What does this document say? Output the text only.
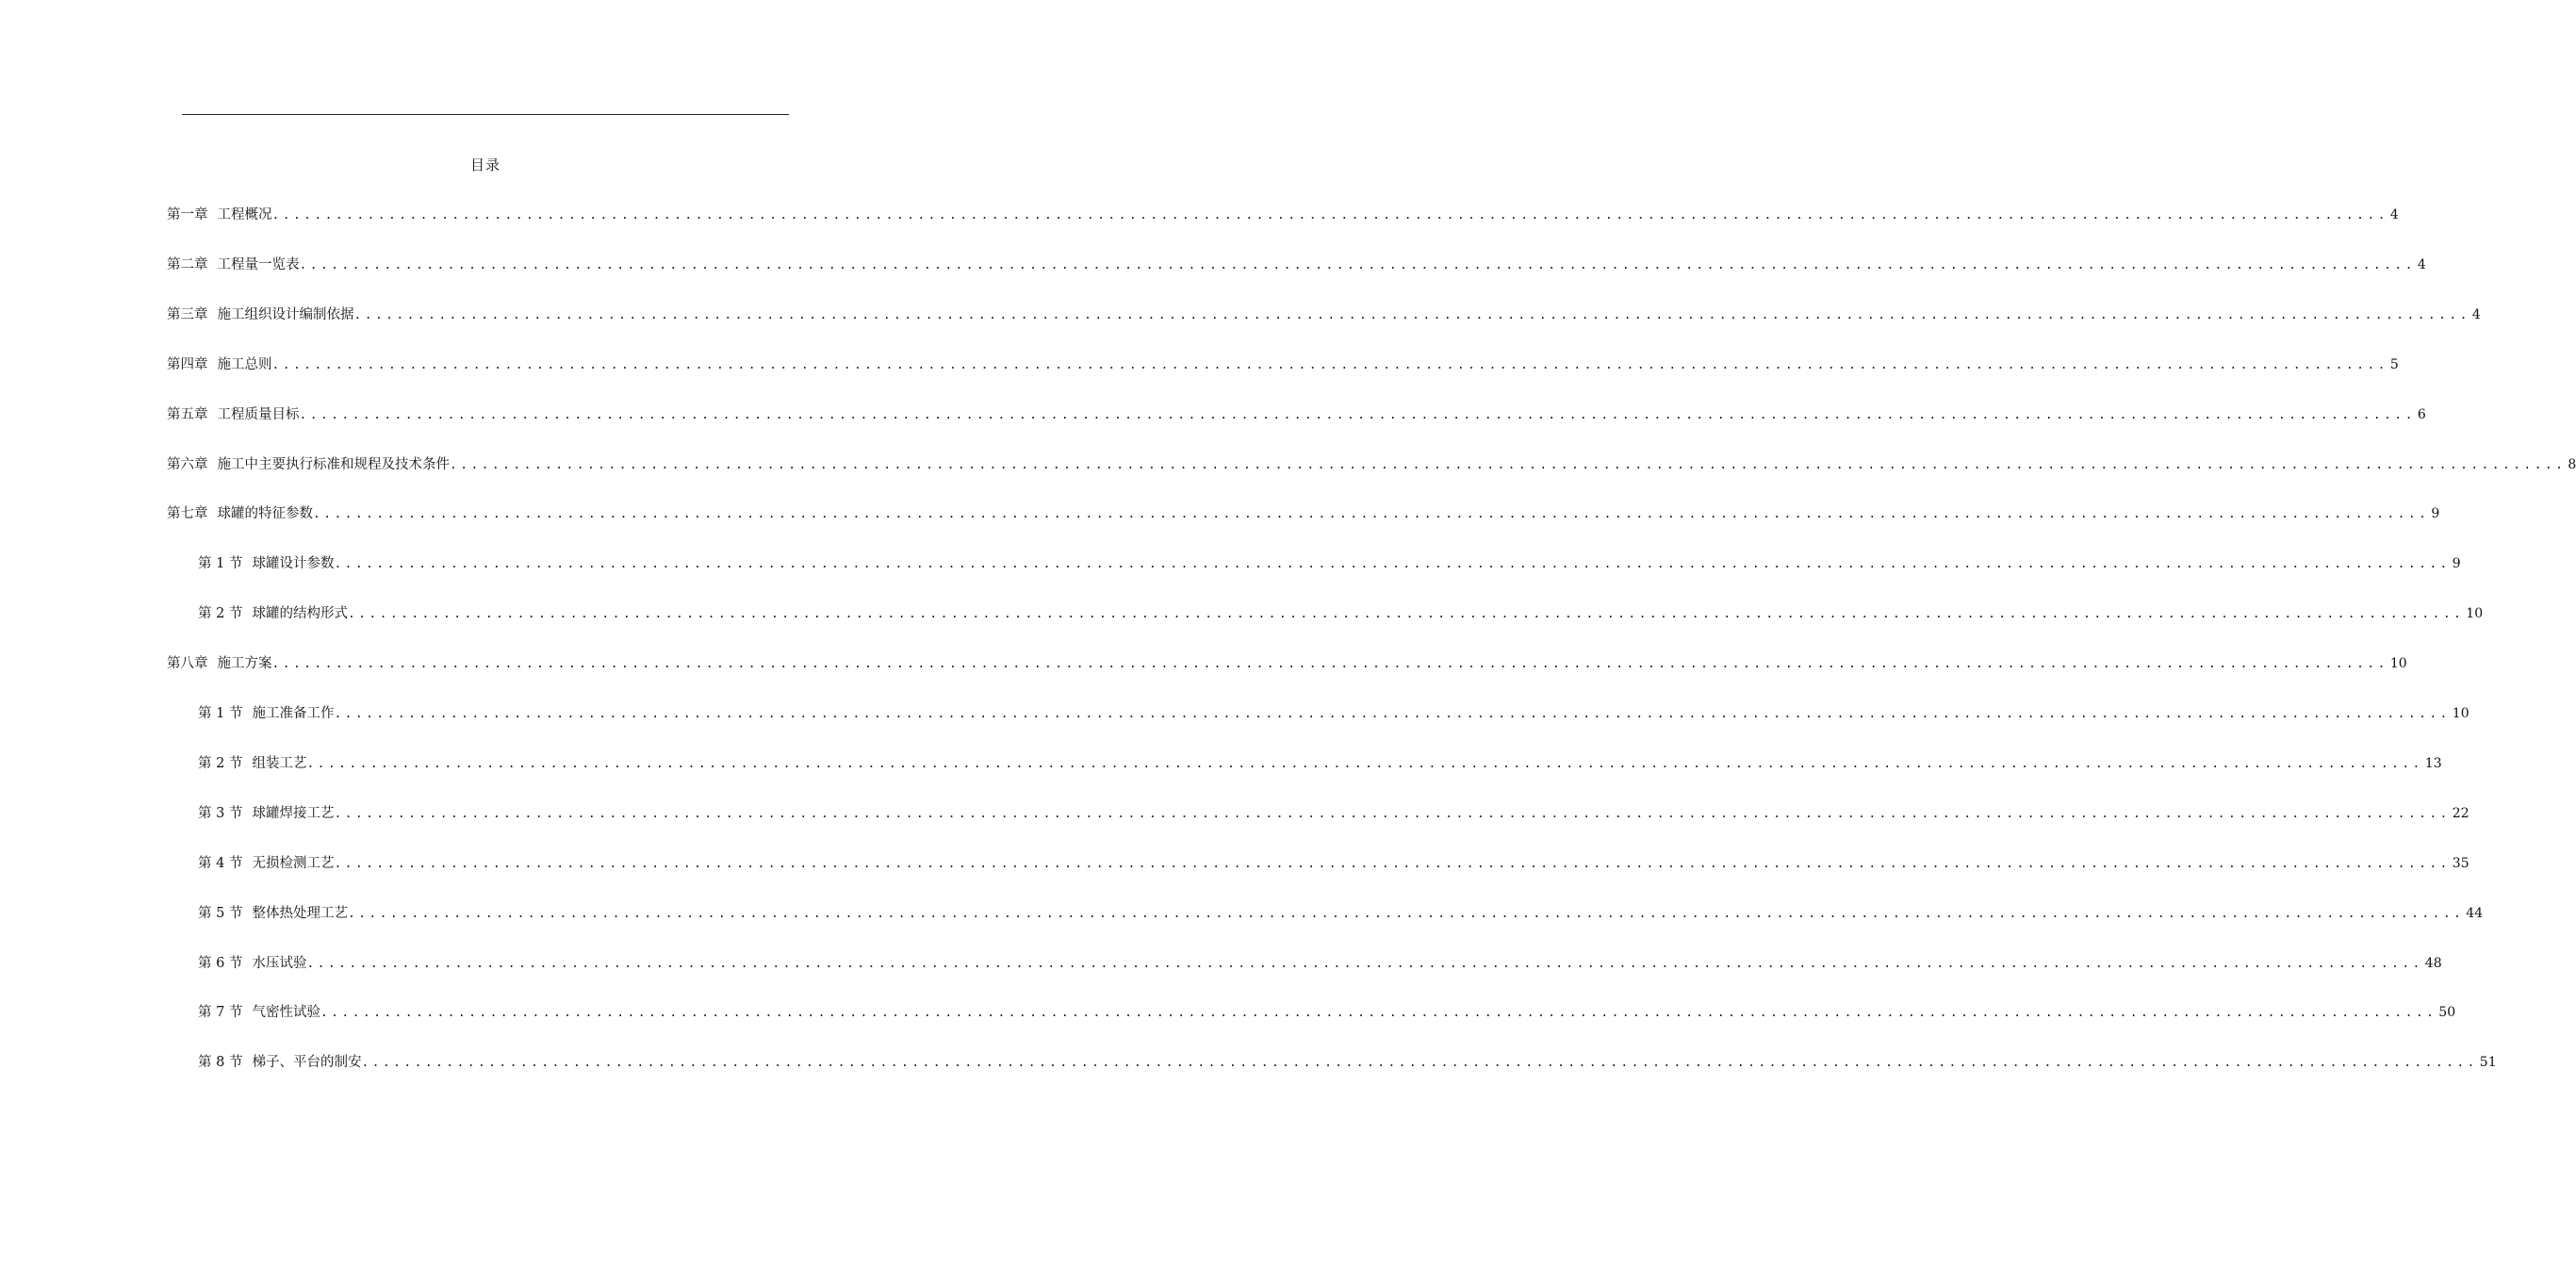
目录
第一章 工程概况 ........................................................................................................................................................................................................ 4
第二章 工程量一览表 ........................................................................................................................................................................................................ 4
第三章 施工组织设计编制依据 ........................................................................................................................................................................................................ 4
第四章 施工总则 ........................................................................................................................................................................................................ 5
第五章 工程质量目标 ........................................................................................................................................................................................................ 6
第六章 施工中主要执行标准和规程及技术条件 ........................................................................................................................................................................................................ 8
第七章 球罐的特征参数 ........................................................................................................................................................................................................ 9
第 1 节 球罐设计参数 ........................................................................................................................................................................................................ 9
第 2 节 球罐的结构形式 ........................................................................................................................................................................................................ 10
第八章 施工方案 ........................................................................................................................................................................................................ 10
第 1 节 施工准备工作 ........................................................................................................................................................................................................ 10
第 2 节 组装工艺 ........................................................................................................................................................................................................ 13
第 3 节 球罐焊接工艺 ........................................................................................................................................................................................................ 22
第 4 节 无损检测工艺 ........................................................................................................................................................................................................ 35
第 5 节 整体热处理工艺 ........................................................................................................................................................................................................ 44
第 6 节 水压试验 ........................................................................................................................................................................................................ 48
第 7 节 气密性试验 ........................................................................................................................................................................................................ 50
第 8 节 梯子、平台的制安 ........................................................................................................................................................................................................ 51
